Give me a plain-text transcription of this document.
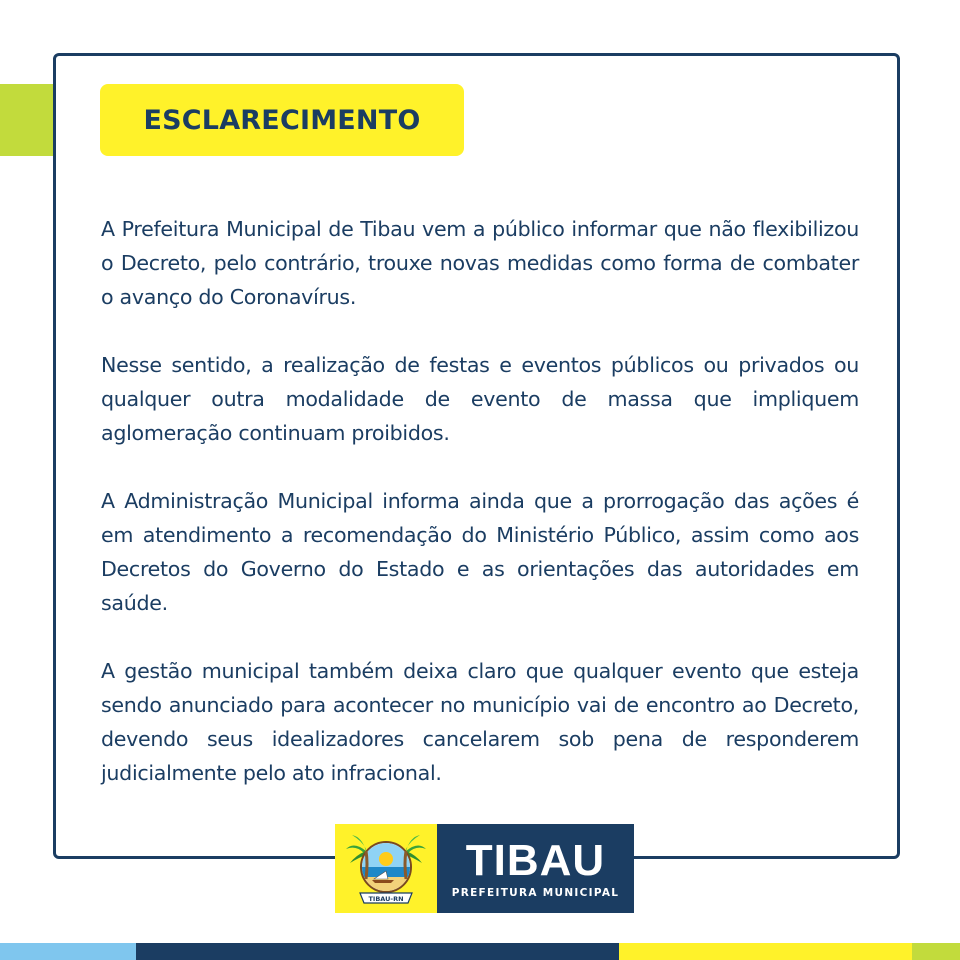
ESCLARECIMENTO

A Prefeitura Municipal de Tibau vem a público informar que não flexibilizou o Decreto, pelo contrário, trouxe novas medidas como forma de combater o avanço do Coronavírus.

Nesse sentido, a realização de festas e eventos públicos ou privados ou qualquer outra modalidade de evento de massa que impliquem aglomeração continuam proibidos.

A Administração Municipal informa ainda que a prorrogação das ações é em atendimento a recomendação do Ministério Público, assim como aos Decretos do Governo do Estado e as orientações das autoridades em saúde.

A gestão municipal também deixa claro que qualquer evento que esteja sendo anunciado para acontecer no município vai de encontro ao Decreto, devendo seus idealizadores cancelarem sob pena de responderem judicialmente pelo ato infracional.

TIBAU-RN
TIBAU
PREFEITURA MUNICIPAL
